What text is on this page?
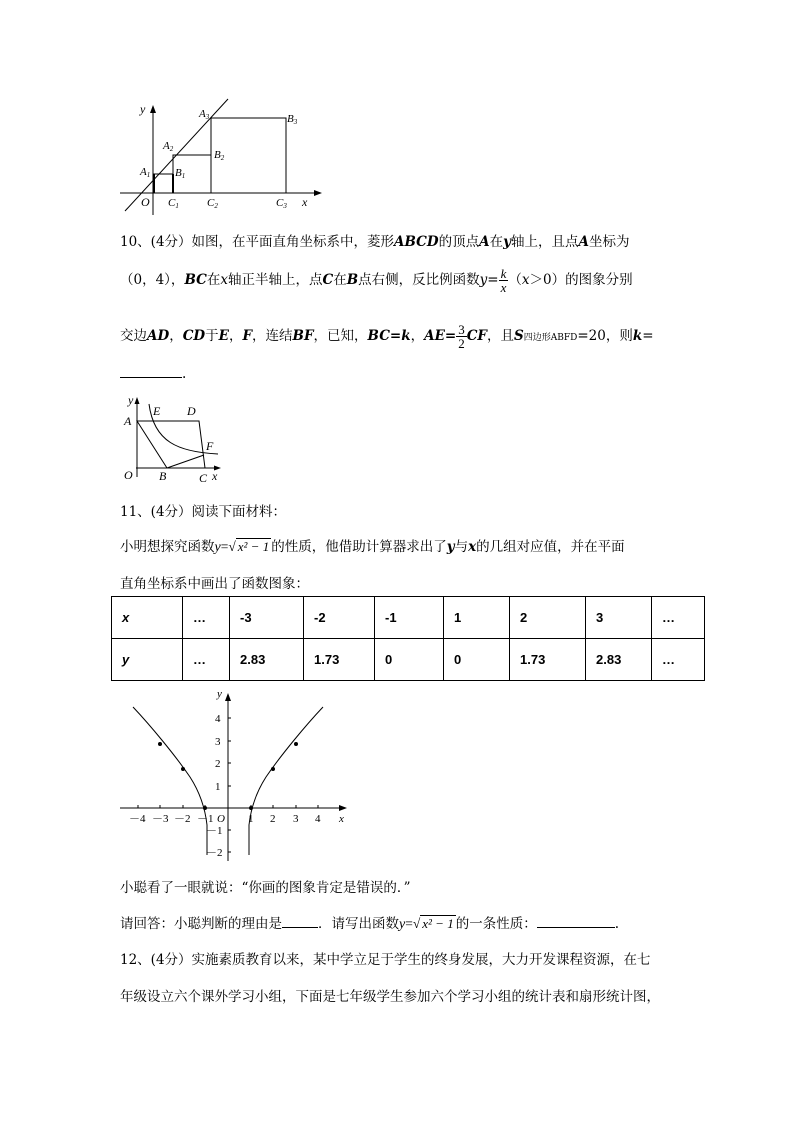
y
x
O
A1
A2
A3
B1
B2
B3
C1	C2	C3
10、(4分）如图，在平面直角坐标系中，菱形ABCD的顶点A在y轴上，且点A坐标为
（0，4），BC在x轴正半轴上，点C在B点右侧，反比例函数$y= \frac{k}{x} (x>0)$的图象分别
交边AD，CD于E，F，连结BF，已知，BC=k，$AE= \frac{3}{2}$ CF，且S四边形ABFD=20，则k=
.
y
A
E D
F
O B	C x
11、(4分）阅读下面材料：
小明想探究函数y=√ x² − 1 的性质，他借助计算器求出了y与x的几组对应值，并在平面
直角坐标系中画出了函数图象：
x	…	-3	-2	-1	1	2	3	…
y	…	2.83	1.73	0	0	1.73	2.83	…
－4 －3 －2 －1	1 2 3 4
4
3
2
1
－1
－2
O
y
x
小聪看了一眼就说：“你画的图象肯定是错误的．”
请回答：小聪判断的理由是	．请写出函数y=√ x² − 1 的一条性质：	.
12、(4分）实施素质教育以来，某中学立足于学生的终身发展，大力开发课程资源，在七
年级设立六个课外学习小组，下面是七年级学生参加六个学习小组的统计表和扇形统计图，
